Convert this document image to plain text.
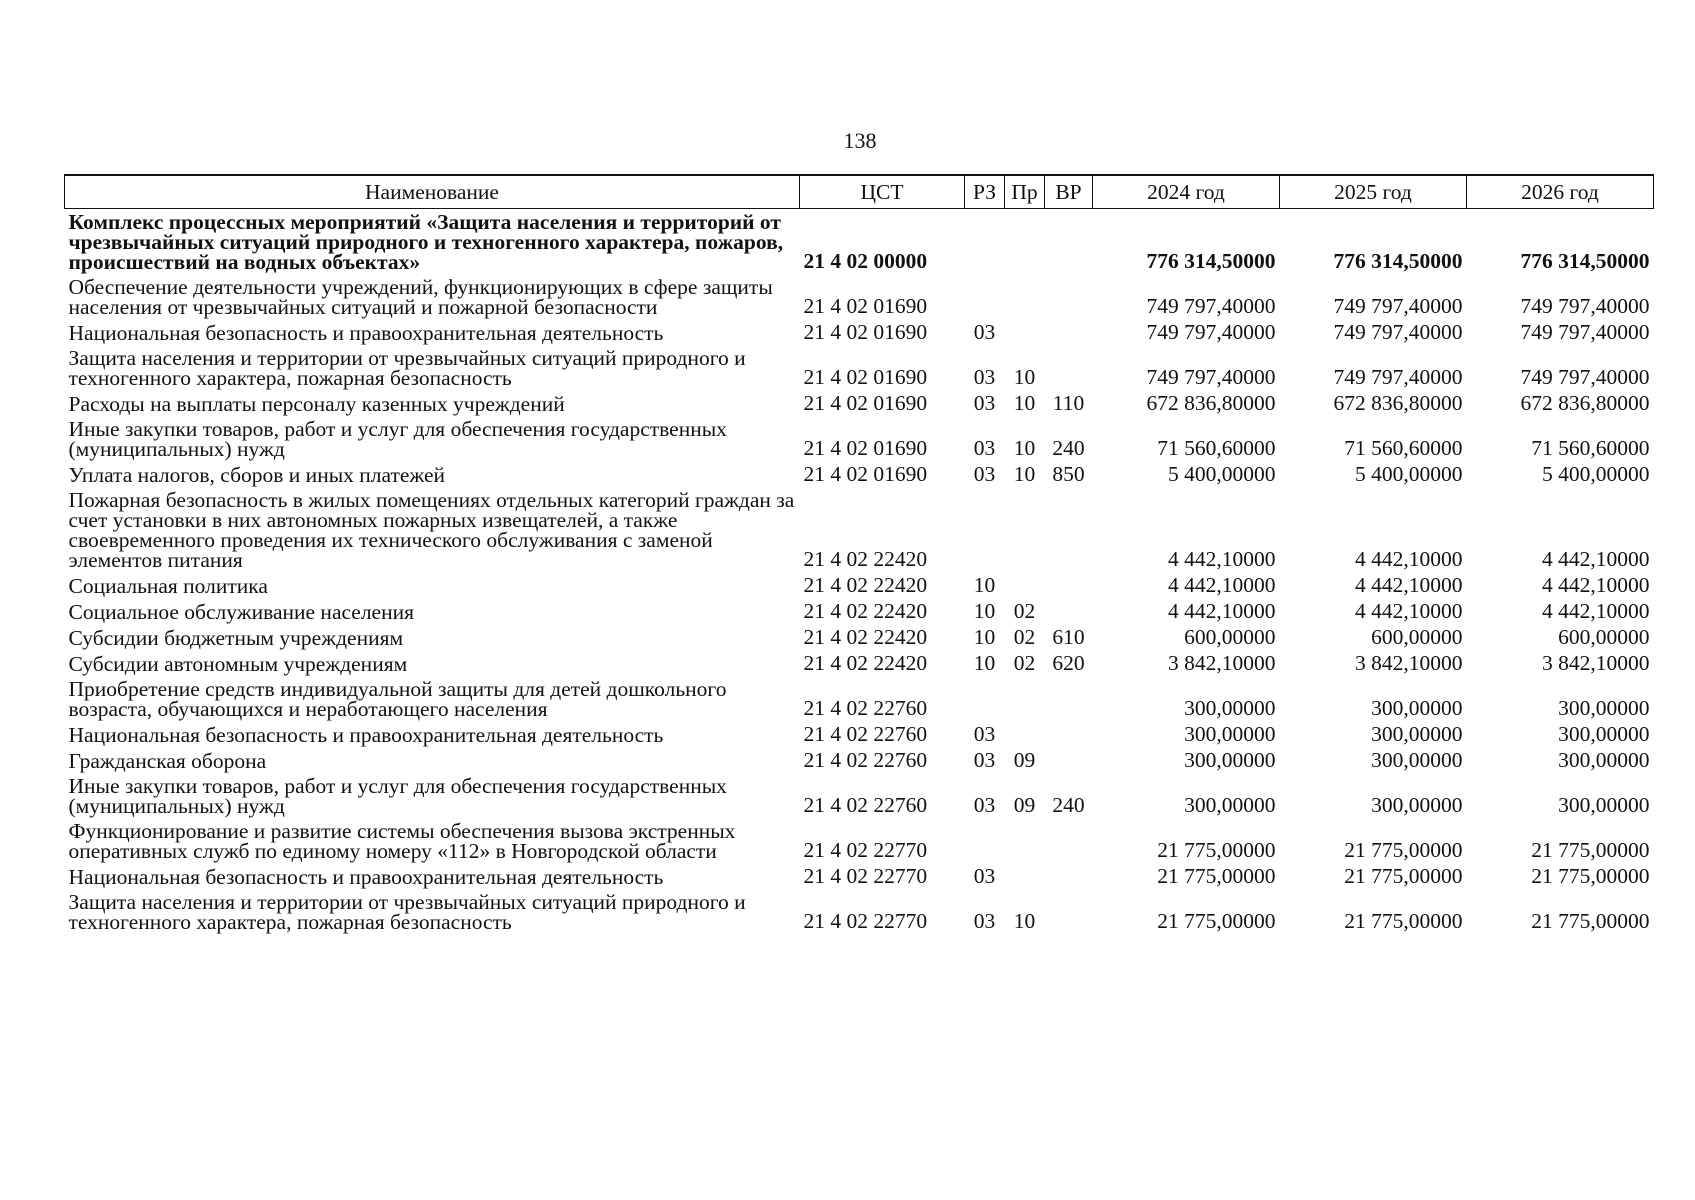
138
Наименование	ЦСТ	РЗ	Пр	ВР	2024 год	2025 год	2026 год
Комплекс процессных мероприятий «Защита населения и территорий от чрезвычайных ситуаций природного и техногенного характера, пожаров, происшествий на водных объектах»	21 4 02 00000				776 314,50000	776 314,50000	776 314,50000
Обеспечение деятельности учреждений, функционирующих в сфере защиты населения от чрезвычайных ситуаций и пожарной безопасности	21 4 02 01690				749 797,40000	749 797,40000	749 797,40000
Национальная безопасность и правоохранительная деятельность	21 4 02 01690	03			749 797,40000	749 797,40000	749 797,40000
Защита населения и территории от чрезвычайных ситуаций природного и техногенного характера, пожарная безопасность	21 4 02 01690	03	10		749 797,40000	749 797,40000	749 797,40000
Расходы на выплаты персоналу казенных учреждений	21 4 02 01690	03	10	110	672 836,80000	672 836,80000	672 836,80000
Иные закупки товаров, работ и услуг для обеспечения государственных (муниципальных) нужд	21 4 02 01690	03	10	240	71 560,60000	71 560,60000	71 560,60000
Уплата налогов, сборов и иных платежей	21 4 02 01690	03	10	850	5 400,00000	5 400,00000	5 400,00000
Пожарная безопасность в жилых помещениях отдельных категорий граждан за счет установки в них автономных пожарных извещателей, а также своевременного проведения их технического обслуживания с заменой элементов питания	21 4 02 22420				4 442,10000	4 442,10000	4 442,10000
Социальная политика	21 4 02 22420	10			4 442,10000	4 442,10000	4 442,10000
Социальное обслуживание населения	21 4 02 22420	10	02		4 442,10000	4 442,10000	4 442,10000
Субсидии бюджетным учреждениям	21 4 02 22420	10	02	610	600,00000	600,00000	600,00000
Субсидии автономным учреждениям	21 4 02 22420	10	02	620	3 842,10000	3 842,10000	3 842,10000
Приобретение средств индивидуальной защиты для детей дошкольного возраста, обучающихся и неработающего населения	21 4 02 22760				300,00000	300,00000	300,00000
Национальная безопасность и правоохранительная деятельность	21 4 02 22760	03			300,00000	300,00000	300,00000
Гражданская оборона	21 4 02 22760	03	09		300,00000	300,00000	300,00000
Иные закупки товаров, работ и услуг для обеспечения государственных (муниципальных) нужд	21 4 02 22760	03	09	240	300,00000	300,00000	300,00000
Функционирование и развитие системы обеспечения вызова экстренных оперативных служб по единому номеру «112» в Новгородской области	21 4 02 22770				21 775,00000	21 775,00000	21 775,00000
Национальная безопасность и правоохранительная деятельность	21 4 02 22770	03			21 775,00000	21 775,00000	21 775,00000
Защита населения и территории от чрезвычайных ситуаций природного и техногенного характера, пожарная безопасность	21 4 02 22770	03	10		21 775,00000	21 775,00000	21 775,00000
